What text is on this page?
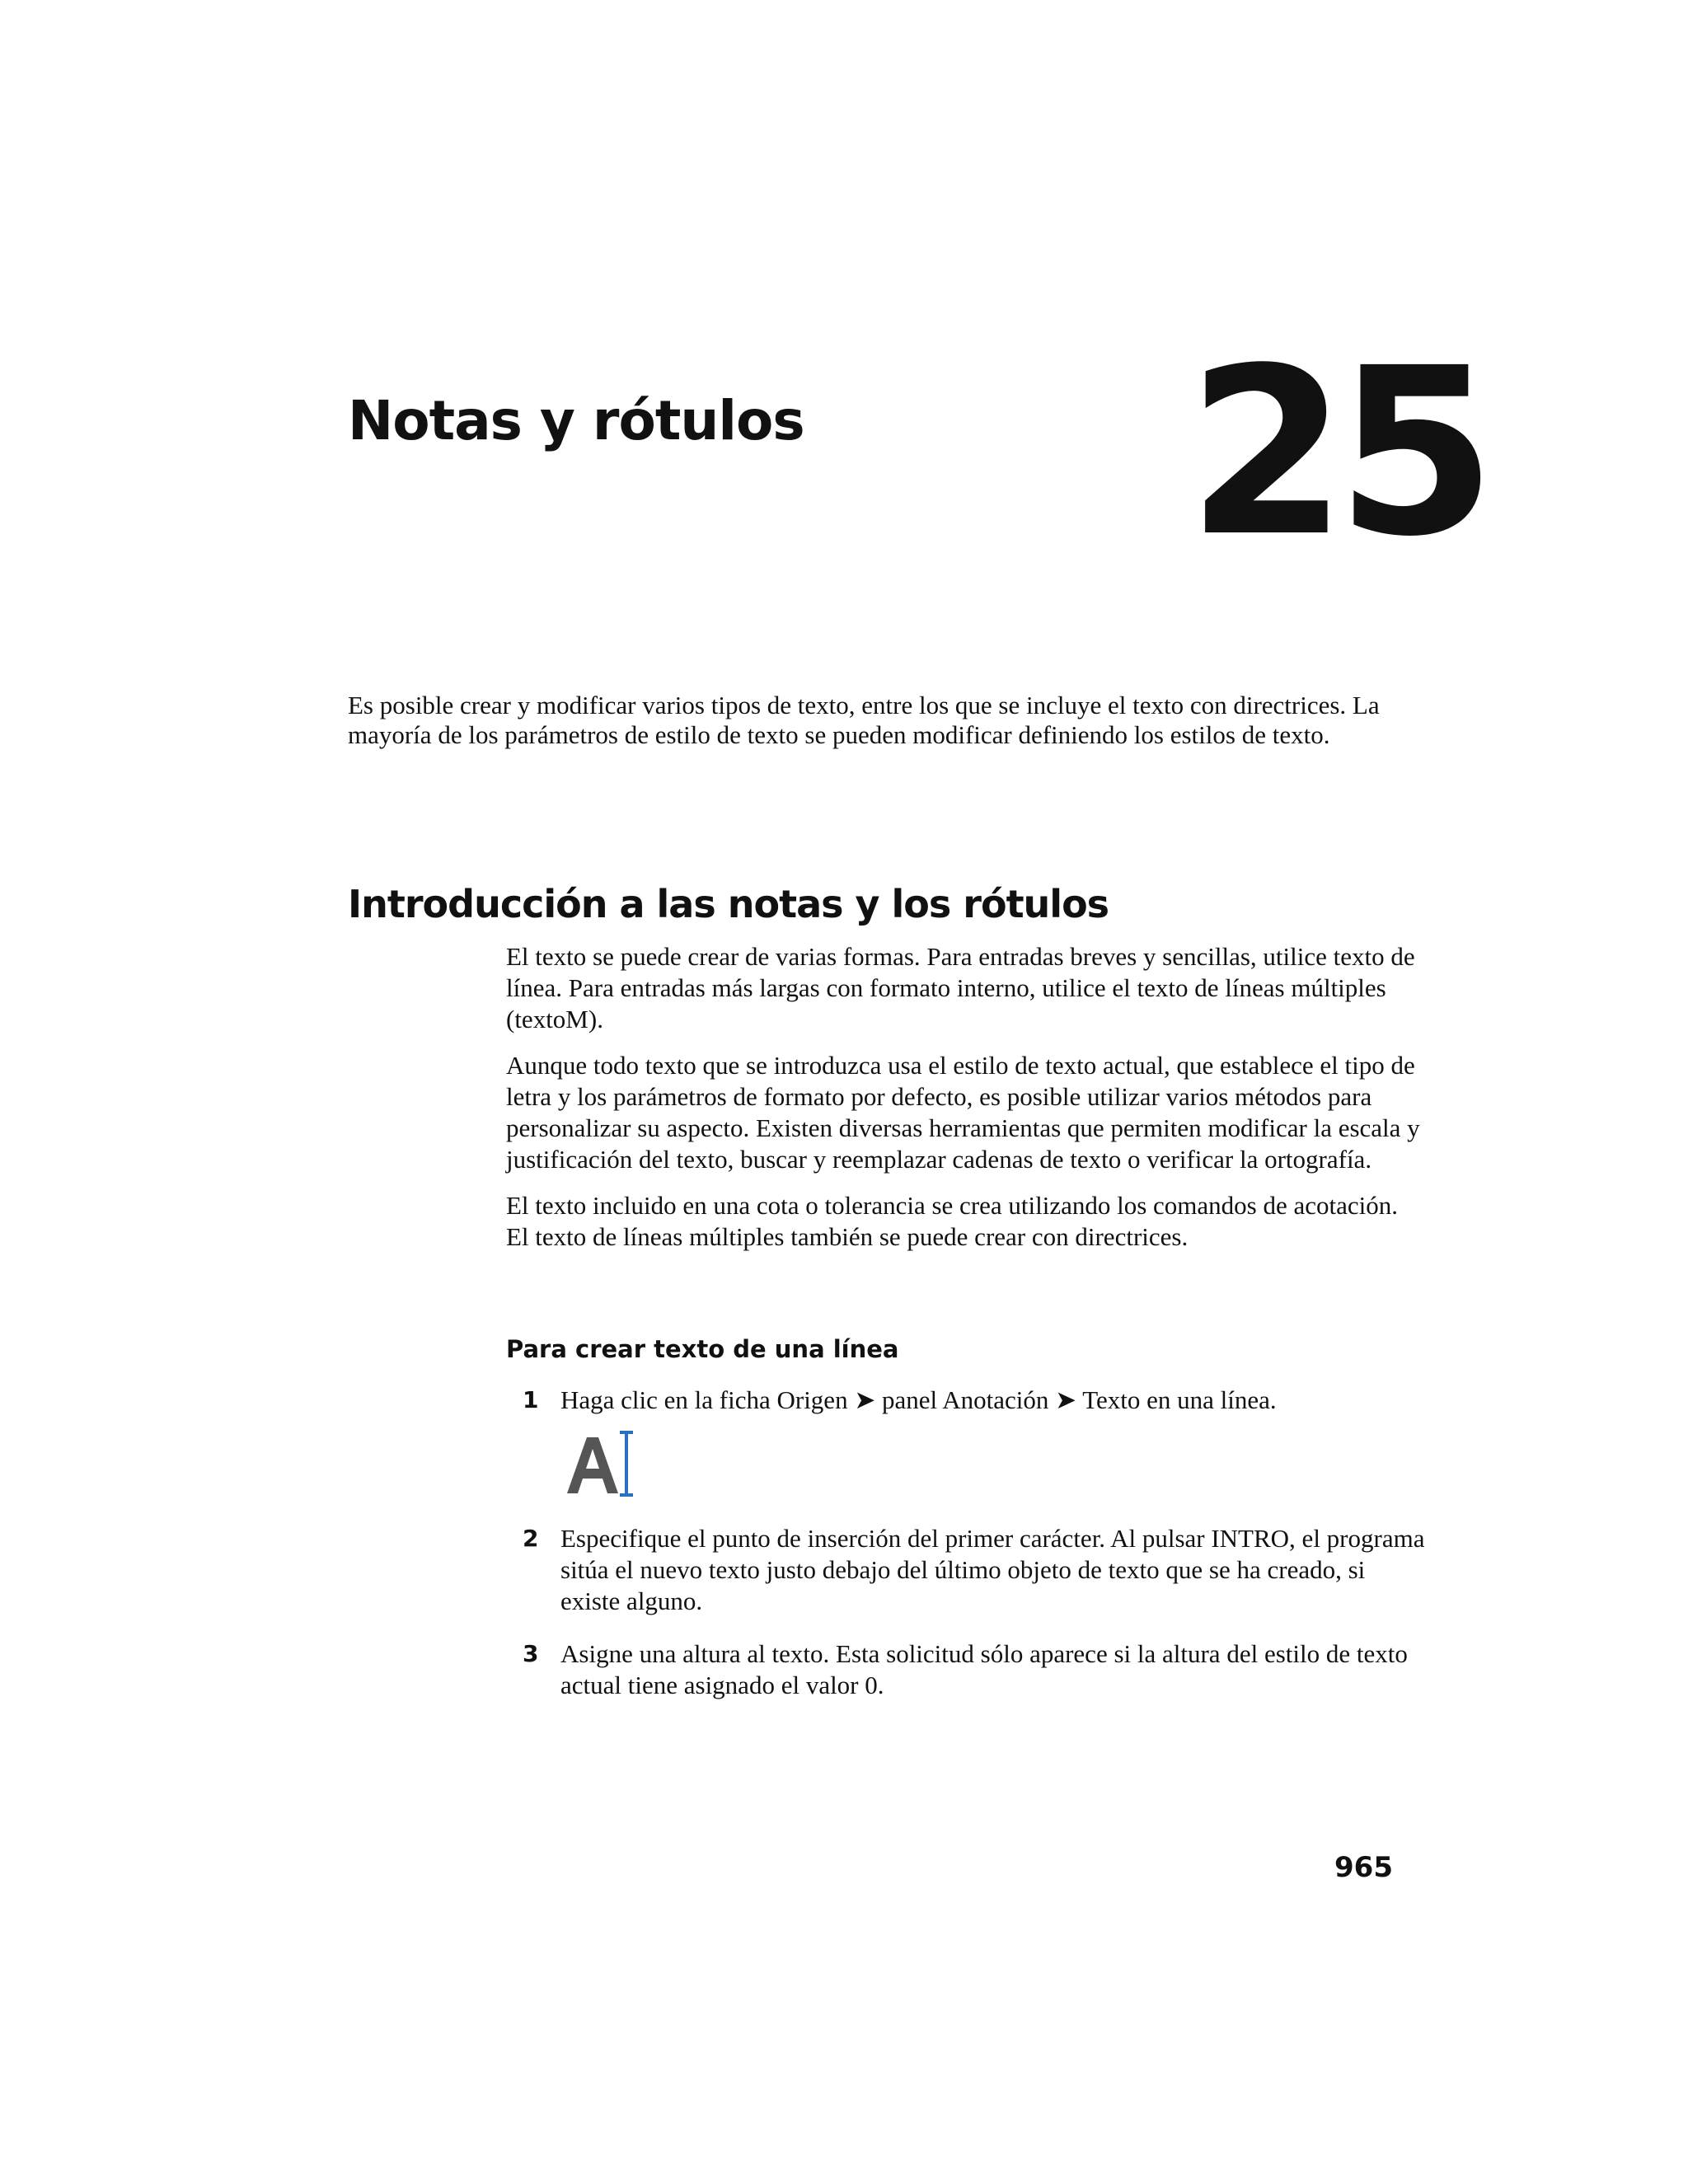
Notas y rótulos 25

Es posible crear y modificar varios tipos de texto, entre los que se incluye el texto con directrices. La mayoría de los parámetros de estilo de texto se pueden modificar definiendo los estilos de texto.

Introducción a las notas y los rótulos

El texto se puede crear de varias formas. Para entradas breves y sencillas, utilice texto de línea. Para entradas más largas con formato interno, utilice el texto de líneas múltiples (textoM).

Aunque todo texto que se introduzca usa el estilo de texto actual, que establece el tipo de letra y los parámetros de formato por defecto, es posible utilizar varios métodos para personalizar su aspecto. Existen diversas herramientas que permiten modificar la escala y justificación del texto, buscar y reemplazar cadenas de texto o verificar la ortografía.

El texto incluido en una cota o tolerancia se crea utilizando los comandos de acotación. El texto de líneas múltiples también se puede crear con directrices.

Para crear texto de una línea
1 Haga clic en la ficha Origen ➤ panel Anotación ➤ Texto en una línea.
2 Especifique el punto de inserción del primer carácter. Al pulsar INTRO, el programa sitúa el nuevo texto justo debajo del último objeto de texto que se ha creado, si existe alguno.
3 Asigne una altura al texto. Esta solicitud sólo aparece si la altura del estilo de texto actual tiene asignado el valor 0.
965
